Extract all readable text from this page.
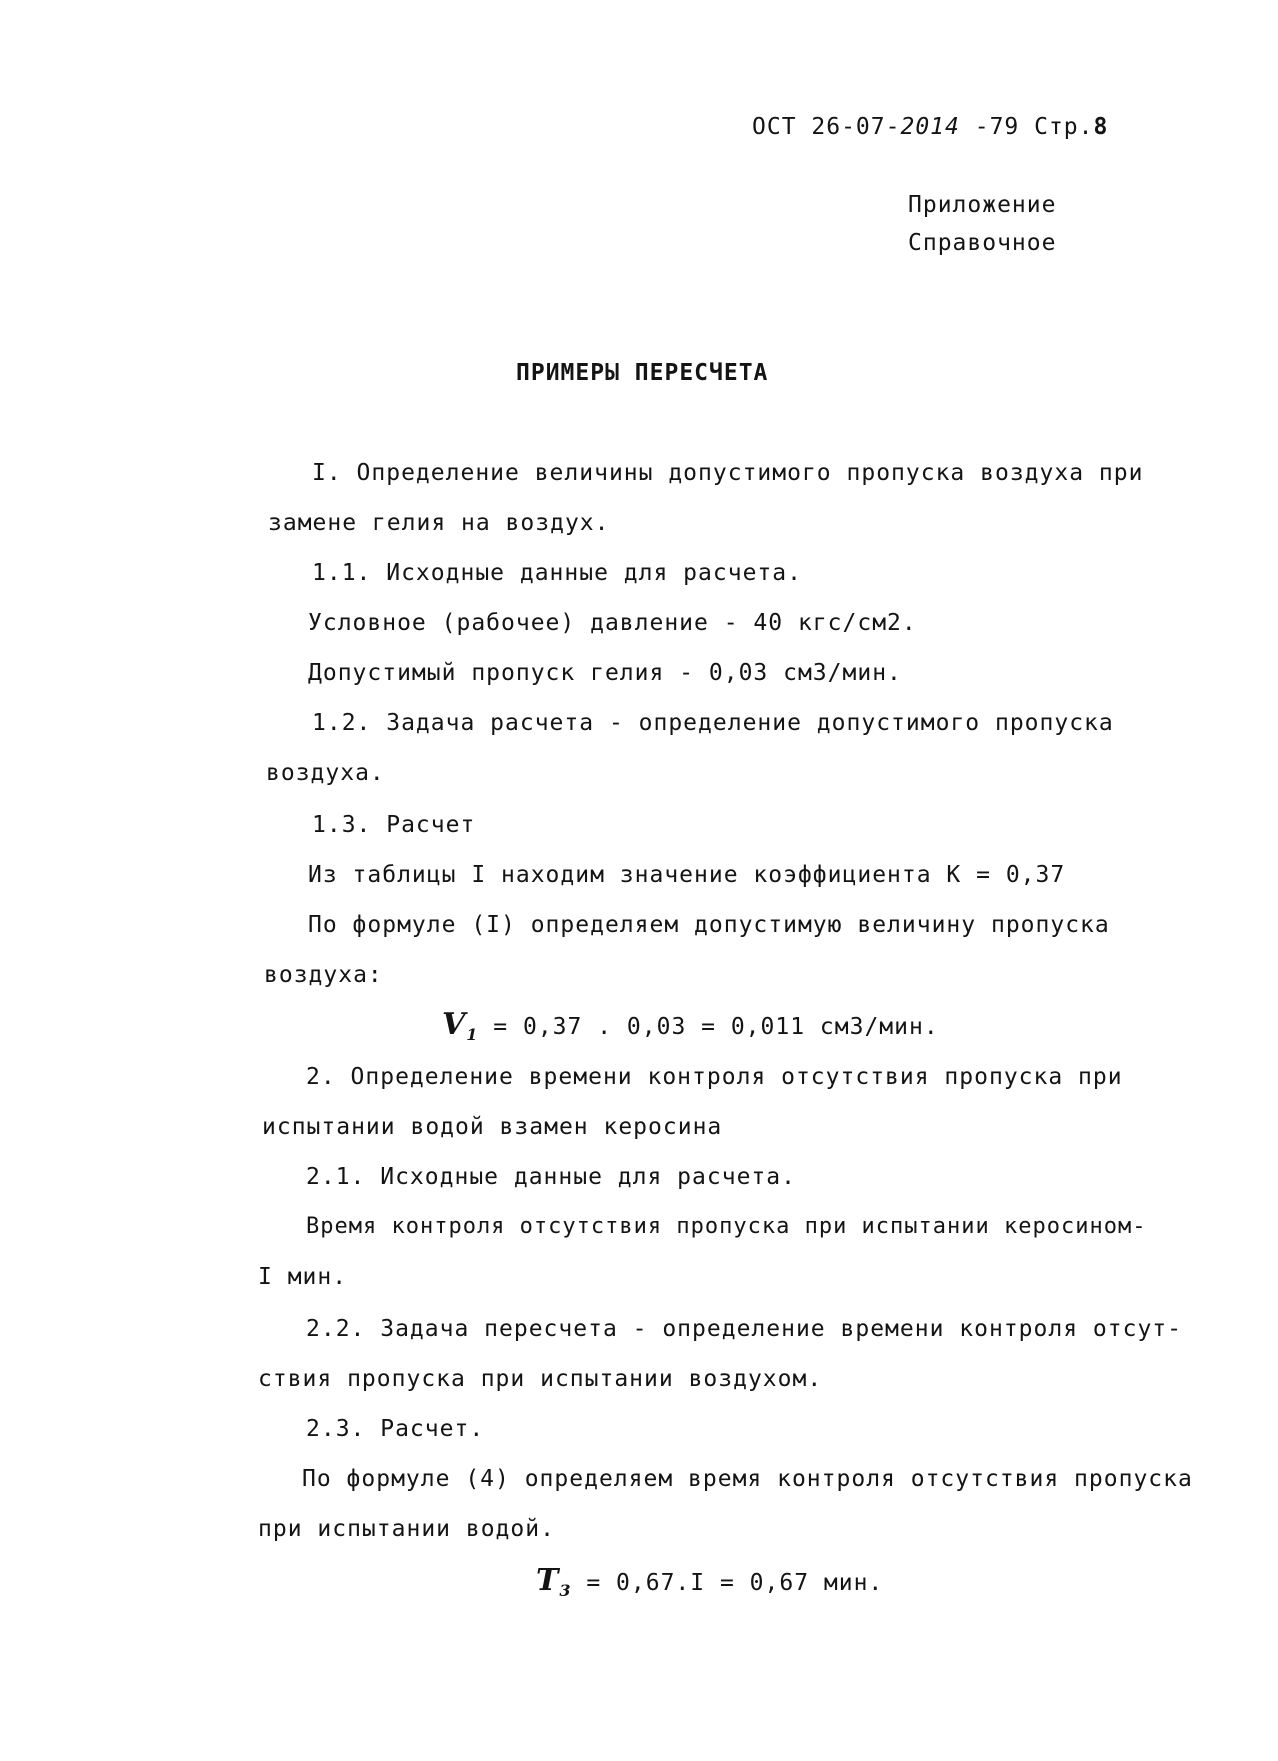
ОСТ 26-07-2014 -79 Стр.8
Приложение
Справочное
ПРИМЕРЫ ПЕРЕСЧЕТА
I. Определение величины допустимого пропуска воздуха при
замене гелия на воздух.
1.1. Исходные данные для расчета.
Условное (рабочее) давление - 40 кгс/см2.
Допустимый пропуск гелия - 0,03 см3/мин.
1.2. Задача расчета - определение допустимого пропуска
воздуха.
1.3. Расчет
Из таблицы I находим значение коэффициента К = 0,37
По формуле (I) определяем допустимую величину пропуска
воздуха:
$V_1 = 0,37$ . 0,03 = 0,011 см3/мин.
2. Определение времени контроля отсутствия пропуска при
испытании водой взамен керосина
2.1. Исходные данные для расчета.
Время контроля отсутствия пропуска при испытании керосином-
I мин.
2.2. Задача пересчета - определение времени контроля отсут-
ствия пропуска при испытании воздухом.
2.3. Расчет.
По формуле (4) определяем время контроля отсутствия пропуска
при испытании водой.
$T_3 = 0,67.I = 0,67$ мин.
